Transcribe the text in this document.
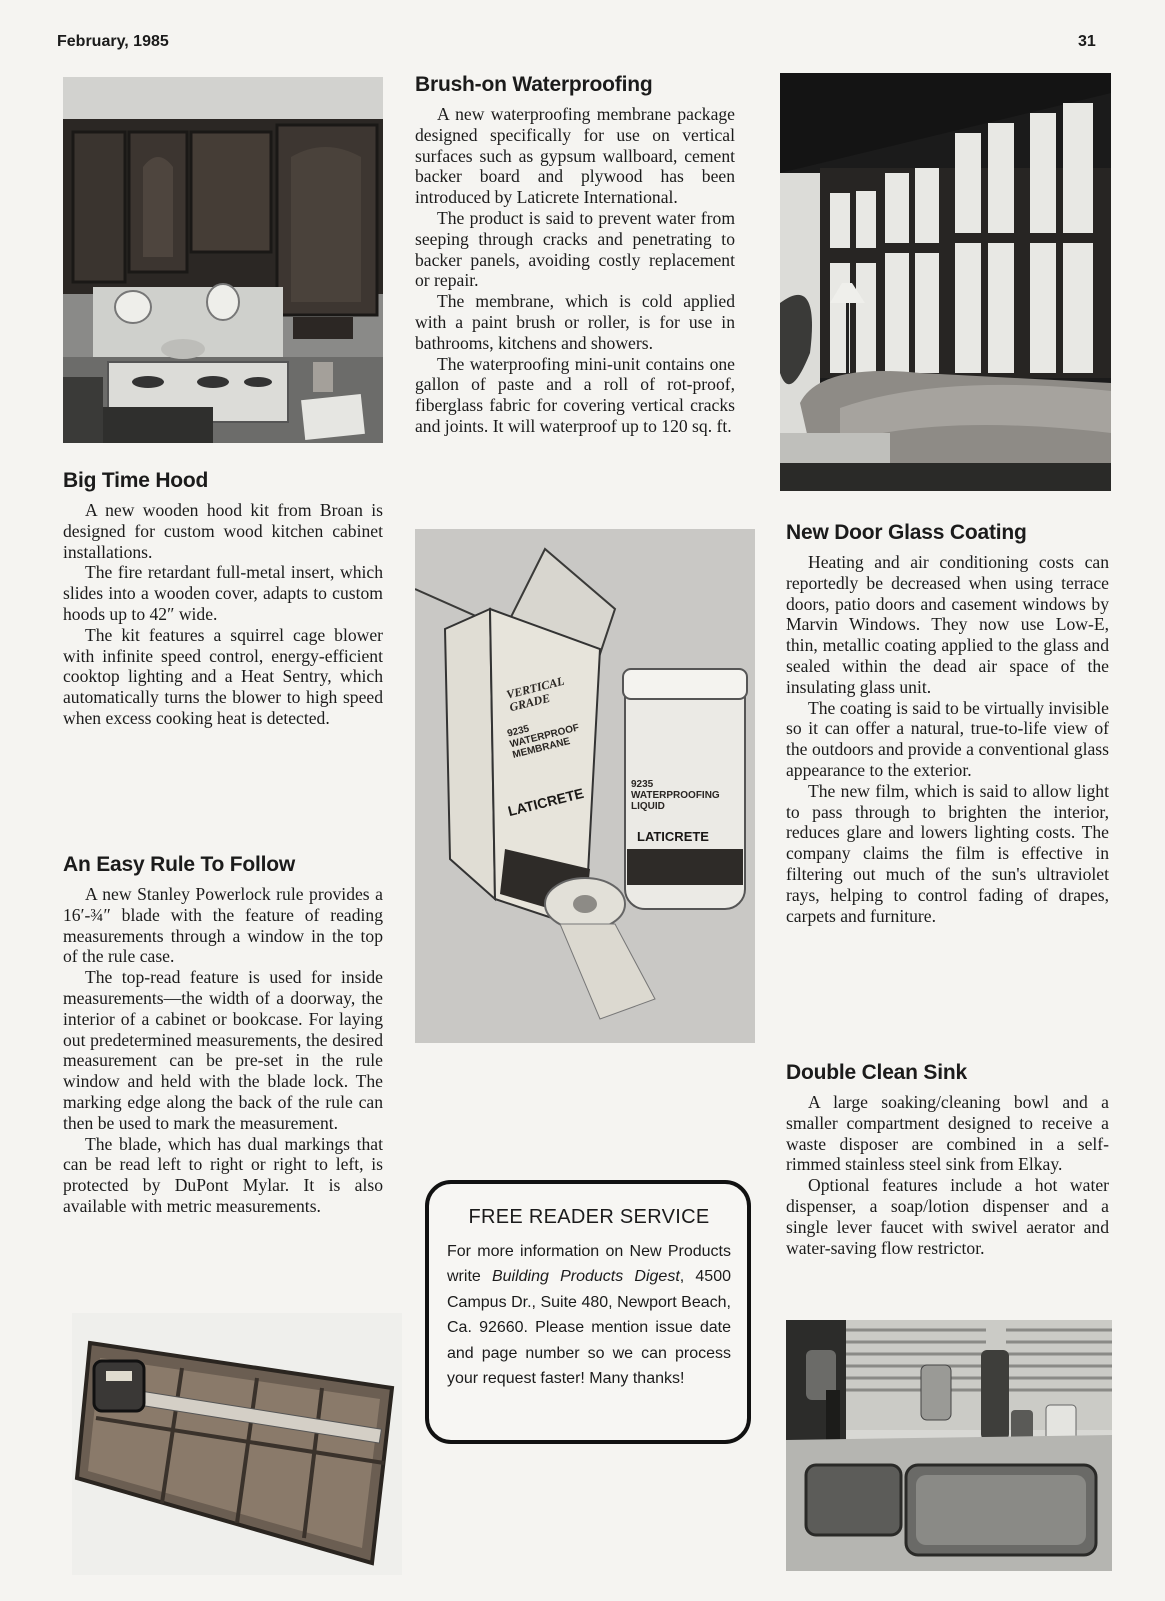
February, 1985	31
Big Time Hood

A new wooden hood kit from Broan is designed for custom wood kitchen cabinet installations.

The fire retardant full-metal insert, which slides into a wooden cover, adapts to custom hoods up to 42″ wide.

The kit features a squirrel cage blower with infinite speed control, energy-efficient cooktop lighting and a Heat Sentry, which automatically turns the blower to high speed when excess cooking heat is detected.

An Easy Rule To Follow

A new Stanley Powerlock rule provides a 16′-¾″ blade with the feature of reading measurements through a window in the top of the rule case.

The top-read feature is used for inside measurements—the width of a doorway, the interior of a cabinet or bookcase. For laying out predetermined measurements, the desired measurement can be pre-set in the rule window and held with the blade lock. The marking edge along the back of the rule can then be used to mark the measurement.

The blade, which has dual markings that can be read left to right or right to left, is protected by DuPont Mylar. It is also available with metric measurements.

Brush-on Waterproofing

A new waterproofing membrane package designed specifically for use on vertical surfaces such as gypsum wallboard, cement backer board and plywood has been introduced by Laticrete International.

The product is said to prevent water from seeping through cracks and penetrating to backer panels, avoiding costly replacement or repair.

The membrane, which is cold applied with a paint brush or roller, is for use in bathrooms, kitchens and showers.

The waterproofing mini-unit contains one gallon of paste and a roll of rot-proof, fiberglass fabric for covering vertical cracks and joints. It will waterproof up to 120 sq. ft.

VERTICAL GRADE
9235 WATERPROOF MEMBRANE
LATICRETE
9235 WATERPROOFING LIQUID
LATICRETE
FREE READER SERVICE
For more information on New Products write Building Products Digest, 4500 Campus Dr., Suite 480, Newport Beach, Ca. 92660. Please mention issue date and page number so we can process your request faster! Many thanks!
New Door Glass Coating

Heating and air conditioning costs can reportedly be decreased when using terrace doors, patio doors and casement windows by Marvin Windows. They now use Low-E, thin, metallic coating applied to the glass and sealed within the dead air space of the insulating glass unit.

The coating is said to be virtually invisible so it can offer a natural, true-to-life view of the outdoors and provide a conventional glass appearance to the exterior.

The new film, which is said to allow light to pass through to brighten the interior, reduces glare and lowers lighting costs. The company claims the film is effective in filtering out much of the sun's ultraviolet rays, helping to control fading of drapes, carpets and furniture.

Double Clean Sink

A large soaking/cleaning bowl and a smaller compartment designed to receive a waste disposer are combined in a self-rimmed stainless steel sink from Elkay.

Optional features include a hot water dispenser, a soap/lotion dispenser and a single lever faucet with swivel aerator and water-saving flow restrictor.
